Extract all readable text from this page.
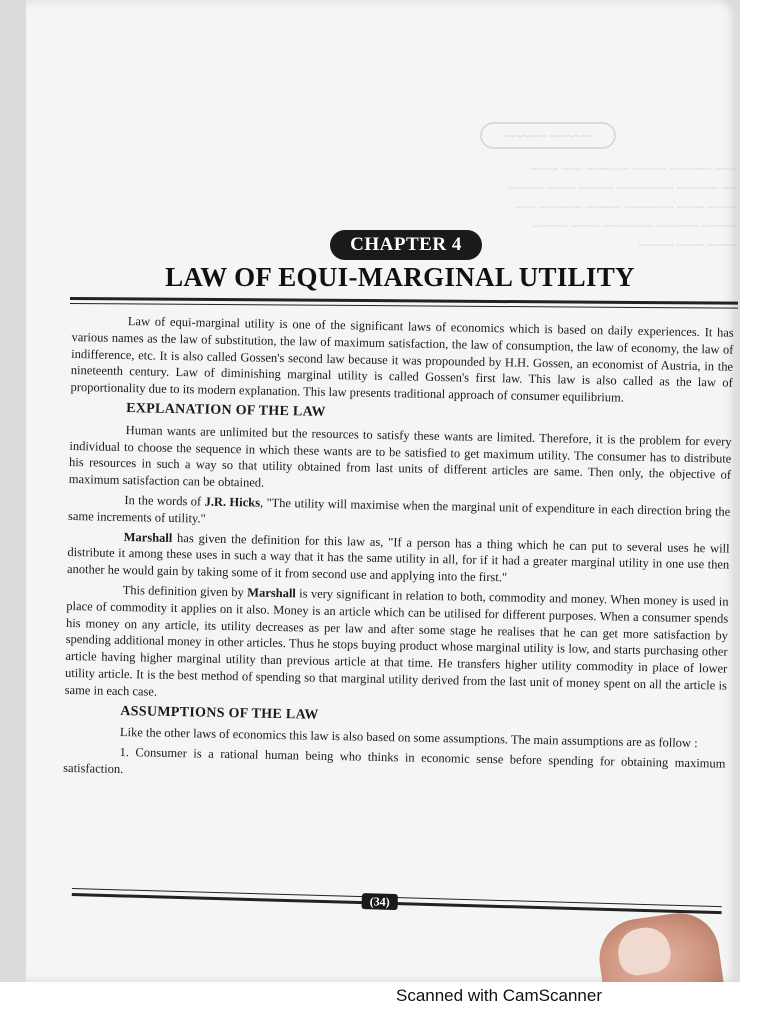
~~~~~~ ~~~~~~
~~~ ~~~~~~ ~~~~~ ~~~~~~ ~~~ ~~~~
~~ ~~~~~~ ~~~~~~~~ ~~~~~ ~~~~ ~~~~~
~~~~ ~~~~ ~~~~~~~ ~~~~~ ~~~~~~ ~~~
~~~~~ ~~~~~~ ~~~~~~~ ~~~~ ~~~~~
~~~~ ~~~~ ~~~~~
CHAPTER 4
LAW OF EQUI-MARGINAL UTILITY

Law of equi-marginal utility is one of the significant laws of economics which is based on daily experiences. It has various names as the law of substitution, the law of maximum satisfaction, the law of consumption, the law of economy, the law of indifference, etc. It is also called Gossen's second law because it was propounded by H.H. Gossen, an economist of Austria, in the nineteenth century. Law of diminishing marginal utility is called Gossen's first law. This law is also called as the law of proportionality due to its modern explanation. This law presents traditional approach of consumer equilibrium.

EXPLANATION OF THE LAW

Human wants are unlimited but the resources to satisfy these wants are limited. Therefore, it is the problem for every individual to choose the sequence in which these wants are to be satisfied to get maximum utility. The consumer has to distribute his resources in such a way so that utility obtained from last units of different articles are same. Then only, the objective of maximum satisfaction can be obtained.

In the words of J.R. Hicks, "The utility will maximise when the marginal unit of expenditure in each direction bring the same increments of utility."

Marshall has given the definition for this law as, "If a person has a thing which he can put to several uses he will distribute it among these uses in such a way that it has the same utility in all, for if it had a greater marginal utility in one use then another he would gain by taking some of it from second use and applying into the first."

This definition given by Marshall is very significant in relation to both, commodity and money. When money is used in place of commodity it applies on it also. Money is an article which can be utilised for different purposes. When a consumer spends his money on any article, its utility decreases as per law and after some stage he realises that he can get more satisfaction by spending additional money in other articles. Thus he stops buying product whose marginal utility is low, and starts purchasing other article having higher marginal utility than previous article at that time. He transfers higher utility commodity in place of lower utility article. It is the best method of spending so that marginal utility derived from the last unit of money spent on all the article is same in each case.

ASSUMPTIONS OF THE LAW

Like the other laws of economics this law is also based on some assumptions. The main assumptions are as follow :

1. Consumer is a rational human being who thinks in economic sense before spending for obtaining maximum satisfaction.

(34)
Scanned with CamScanner
